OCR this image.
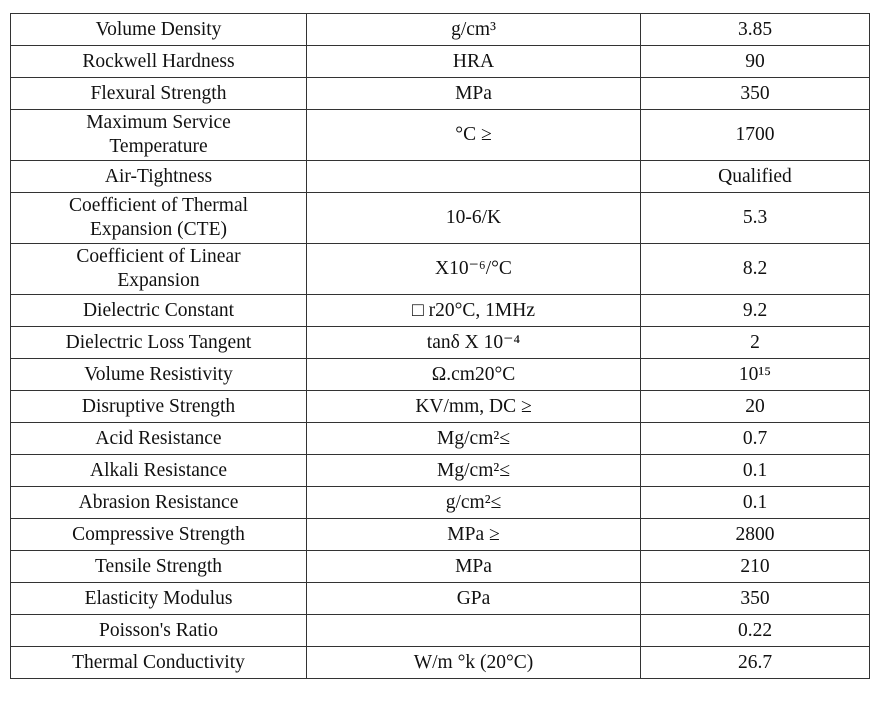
Volume Density	g/cm³	3.85
Rockwell Hardness	HRA	90
Flexural Strength	MPa	350
Maximum Service Temperature	°C ≥	1700
Air-Tightness		Qualified
Coefficient of Thermal Expansion (CTE)	10-6/K	5.3
Coefficient of Linear Expansion	X10⁻⁶/°C	8.2
Dielectric Constant	□ r20°C, 1MHz	9.2
Dielectric Loss Tangent	tanδ X 10⁻⁴	2
Volume Resistivity	Ω.cm20°C	10¹⁵
Disruptive Strength	KV/mm, DC ≥	20
Acid Resistance	Mg/cm²≤	0.7
Alkali Resistance	Mg/cm²≤	0.1
Abrasion Resistance	g/cm²≤	0.1
Compressive Strength	MPa ≥	2800
Tensile Strength	MPa	210
Elasticity Modulus	GPa	350
Poisson's Ratio		0.22
Thermal Conductivity	W/m °k (20°C)	26.7
